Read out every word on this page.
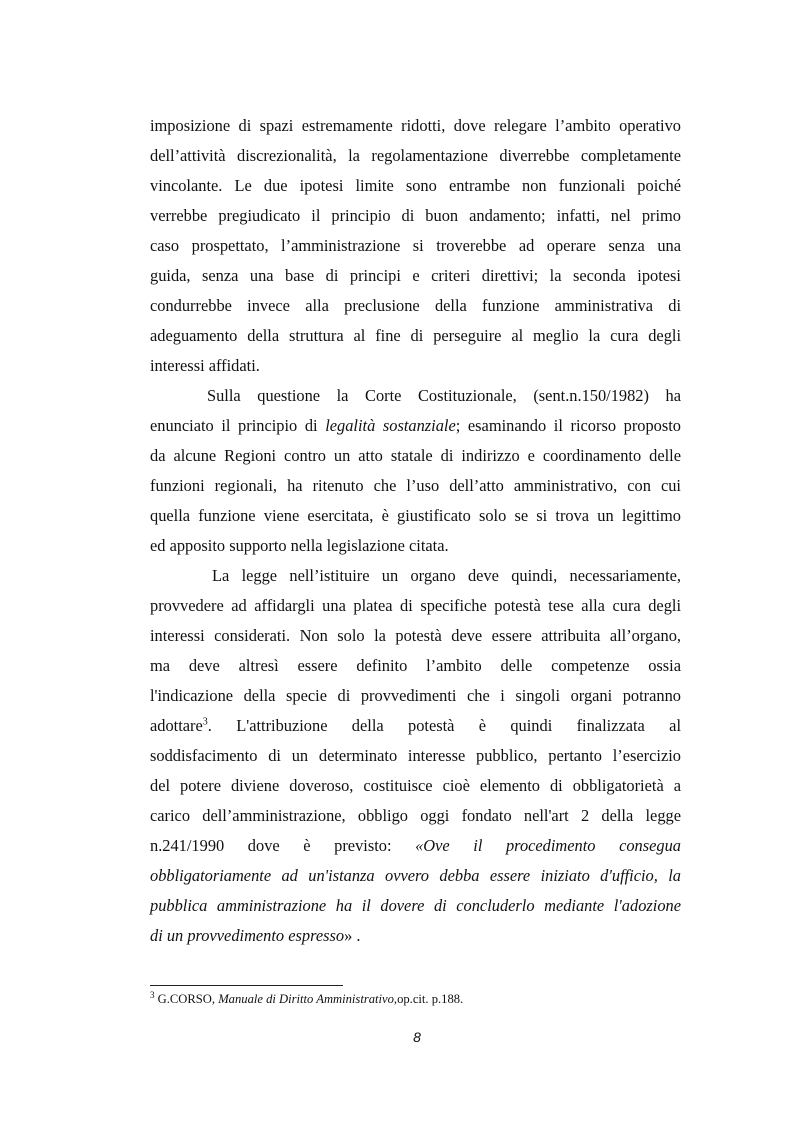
imposizione di spazi estremamente ridotti, dove relegare l’ambito operativo
dell’attività discrezionalità, la regolamentazione diverrebbe completamente
vincolante. Le due ipotesi limite sono entrambe non funzionali poiché
verrebbe pregiudicato il principio di buon andamento; infatti, nel primo
caso prospettato, l’amministrazione si troverebbe ad operare senza una
guida, senza una base di principi e criteri direttivi; la seconda ipotesi
condurrebbe invece alla preclusione della funzione amministrativa di
adeguamento della struttura al fine di perseguire al meglio la cura degli
interessi affidati.
Sulla questione la Corte Costituzionale, (sent.n.150/1982) ha
enunciato il principio di legalità sostanziale; esaminando il ricorso proposto
da alcune Regioni contro un atto statale di indirizzo e coordinamento delle
funzioni regionali, ha ritenuto che l’uso dell’atto amministrativo, con cui
quella funzione viene esercitata, è giustificato solo se si trova un legittimo
ed apposito supporto nella legislazione citata.
La legge nell’istituire un organo deve quindi, necessariamente,
provvedere ad affidargli una platea di specifiche potestà tese alla cura degli
interessi considerati. Non solo la potestà deve essere attribuita all’organo,
ma deve altresì essere definito l’ambito delle competenze ossia
l'indicazione della specie di provvedimenti che i singoli organi potranno
adottare$^3$. L'attribuzione della potestà è quindi finalizzata al
soddisfacimento di un determinato interesse pubblico, pertanto l’esercizio
del potere diviene doveroso, costituisce cioè elemento di obbligatorietà a
carico dell’amministrazione, obbligo oggi fondato nell'art 2 della legge
n.241/1990 dove è previsto: «Ove il procedimento consegua
obbligatoriamente ad un'istanza ovvero debba essere iniziato d'ufficio, la
pubblica amministrazione ha il dovere di concluderlo mediante l'adozione
di un provvedimento espresso» .
$^3$ G.CORSO, Manuale di Diritto Amministrativo,op.cit. p.188.
8
